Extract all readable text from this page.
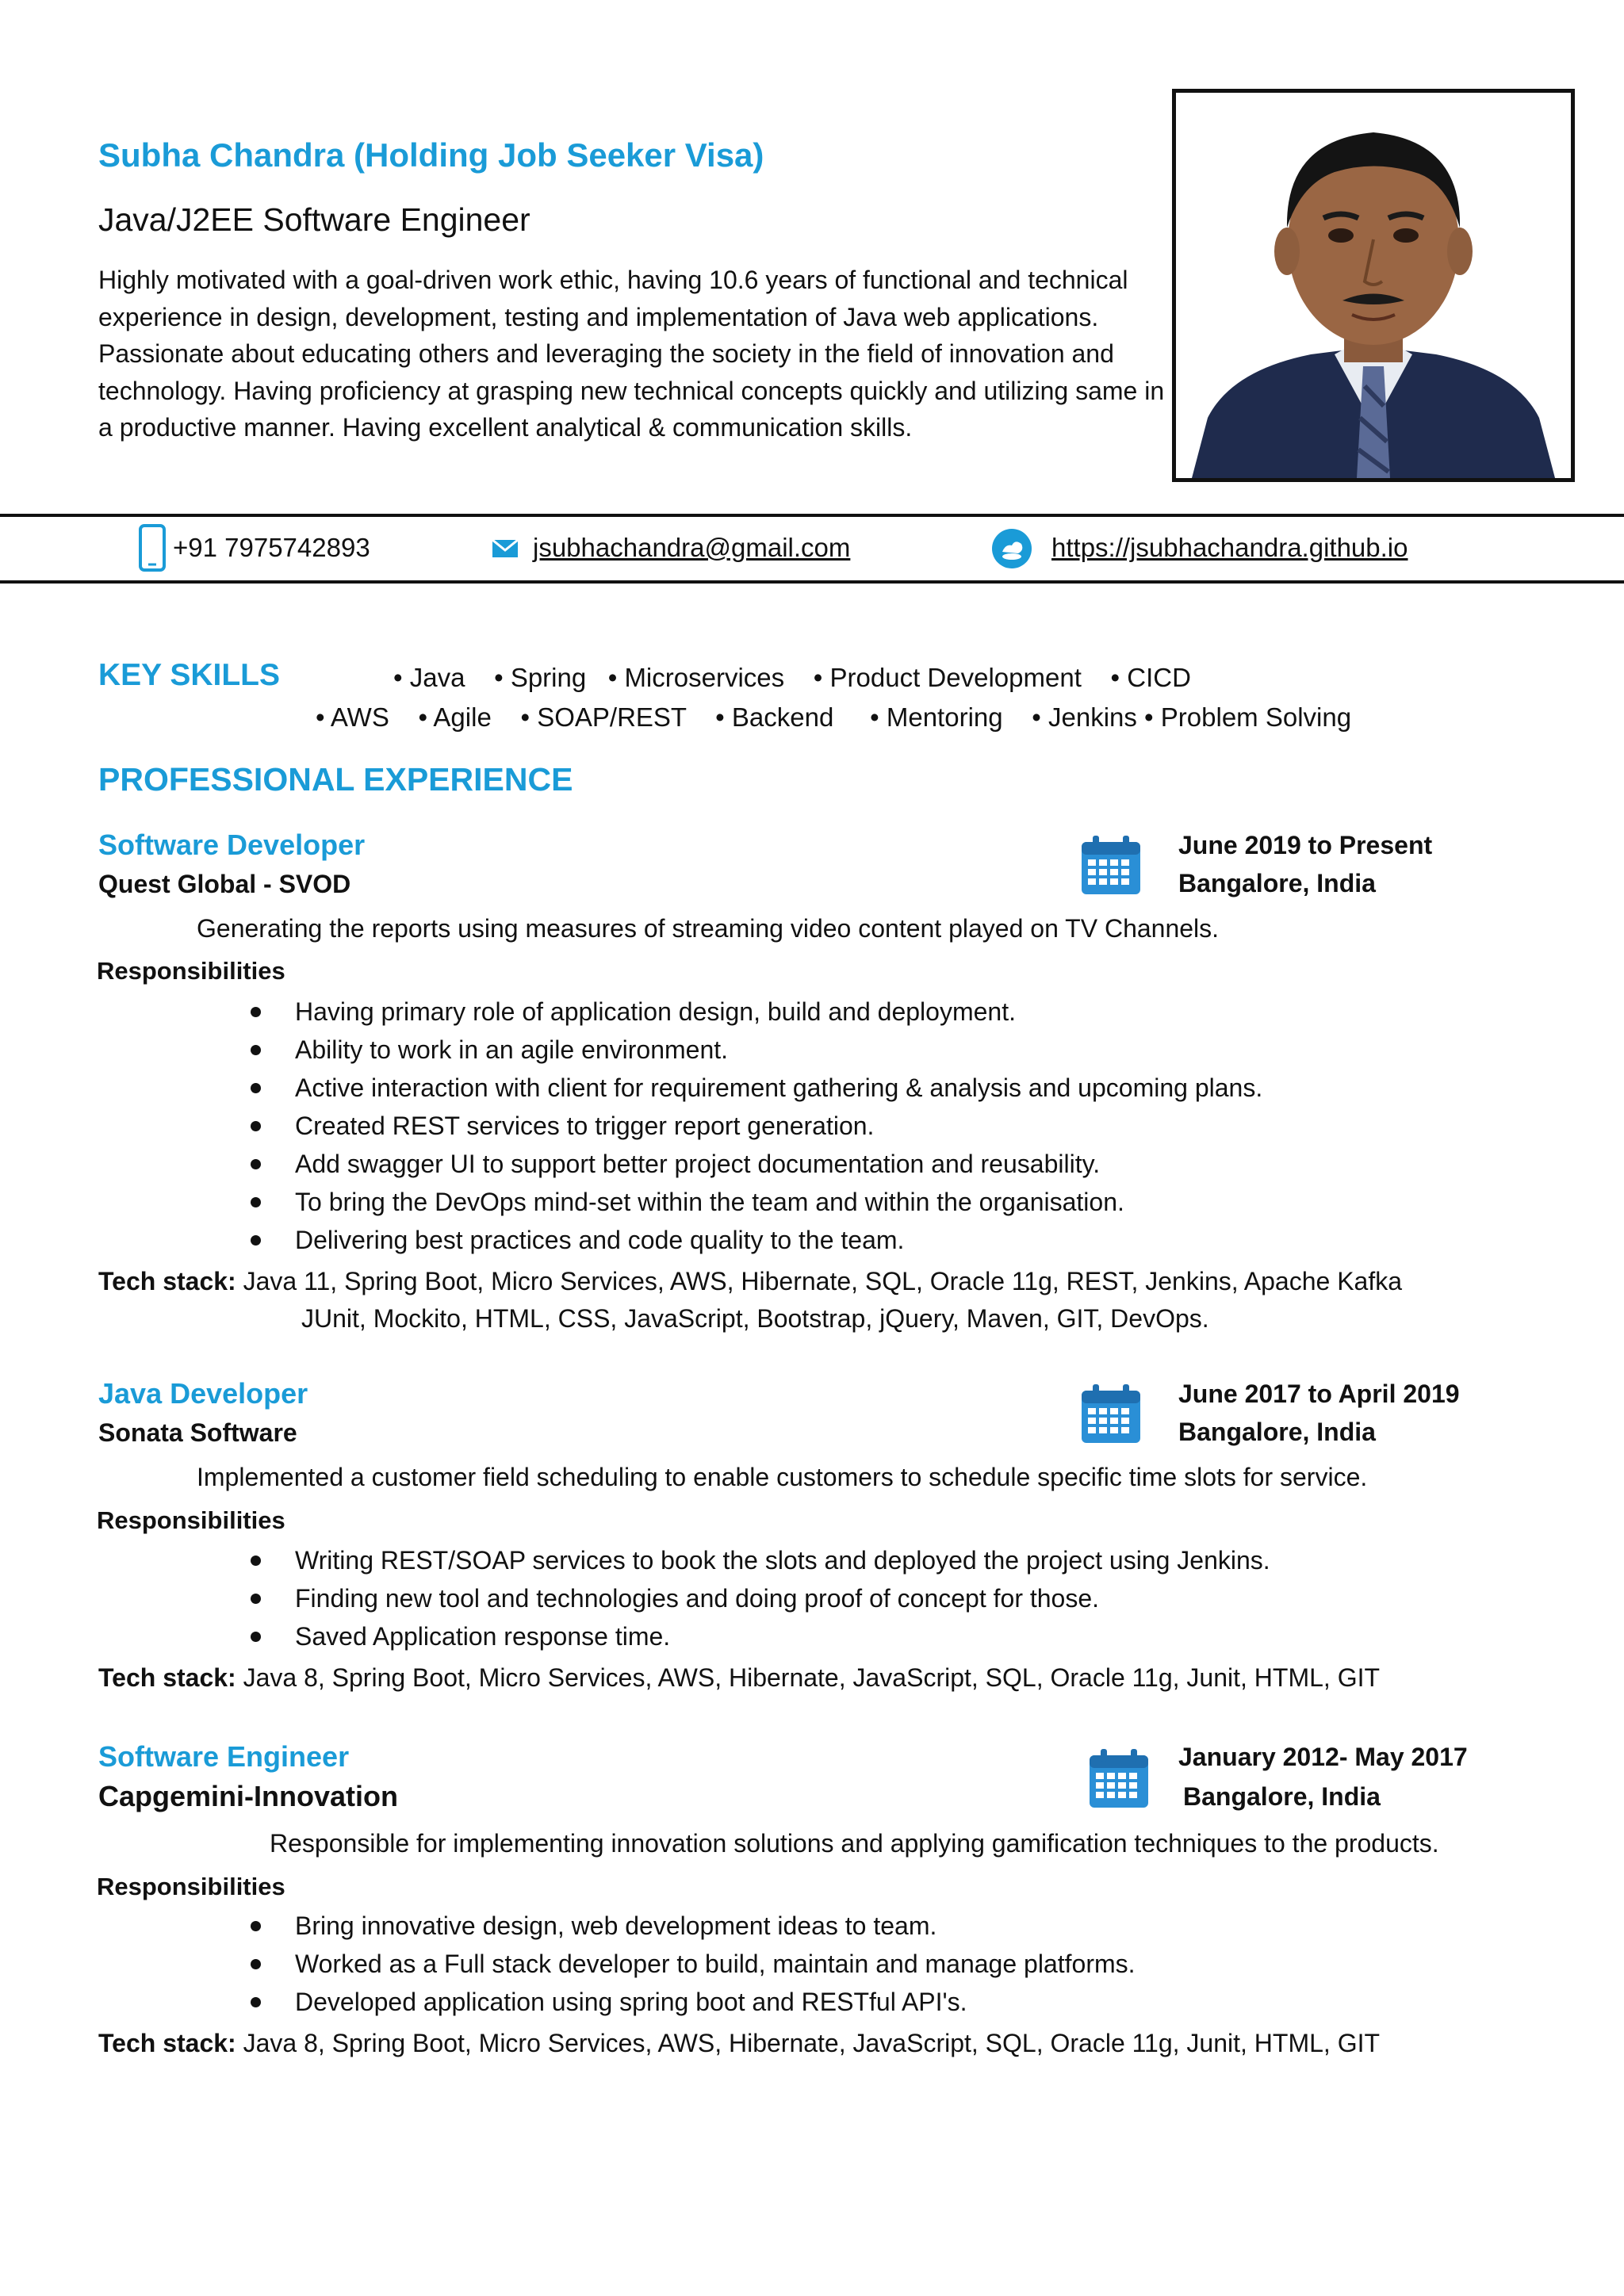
Subha Chandra (Holding Job Seeker Visa)
Java/J2EE Software Engineer
Highly motivated with a goal-driven work ethic, having 10.6 years of functional and technical experience in design, development, testing and implementation of Java web applications. Passionate about educating others and leveraging the society in the field of innovation and technology. Having proficiency at grasping new technical concepts quickly and utilizing same in a productive manner. Having excellent analytical & communication skills.
+91 7975742893	jsubhachandra@gmail.com	https://jsubhachandra.github.io
KEY SKILLS	• Java    • Spring   • Microservices    • Product Development    • CICD
• AWS    • Agile    • SOAP/REST    • Backend     • Mentoring    • Jenkins • Problem Solving
PROFESSIONAL EXPERIENCE
Software Developer
Quest Global - SVOD
June 2019 to Present
Bangalore, India
Generating the reports using measures of streaming video content played on TV Channels.
Responsibilities
Having primary role of application design, build and deployment.
Ability to work in an agile environment.
Active interaction with client for requirement gathering & analysis and upcoming plans.
Created REST services to trigger report generation.
Add swagger UI to support better project documentation and reusability.
To bring the DevOps mind-set within the team and within the organisation.
Delivering best practices and code quality to the team.
Tech stack: Java 11, Spring Boot, Micro Services, AWS, Hibernate, SQL, Oracle 11g, REST, Jenkins, Apache Kafka
JUnit, Mockito, HTML, CSS, JavaScript, Bootstrap, jQuery, Maven, GIT, DevOps.
Java Developer
Sonata Software
June 2017 to April 2019
Bangalore, India
Implemented a customer field scheduling to enable customers to schedule specific time slots for service.
Responsibilities
Writing REST/SOAP services to book the slots and deployed the project using Jenkins.
Finding new tool and technologies and doing proof of concept for those.
Saved Application response time.
Tech stack: Java 8, Spring Boot, Micro Services, AWS, Hibernate, JavaScript, SQL, Oracle 11g, Junit, HTML, GIT
Software Engineer
Capgemini-Innovation
January 2012- May 2017
Bangalore, India
Responsible for implementing innovation solutions and applying gamification techniques to the products.
Responsibilities
Bring innovative design, web development ideas to team.
Worked as a Full stack developer to build, maintain and manage platforms.
Developed application using spring boot and RESTful API's.
Tech stack: Java 8, Spring Boot, Micro Services, AWS, Hibernate, JavaScript, SQL, Oracle 11g, Junit, HTML, GIT
